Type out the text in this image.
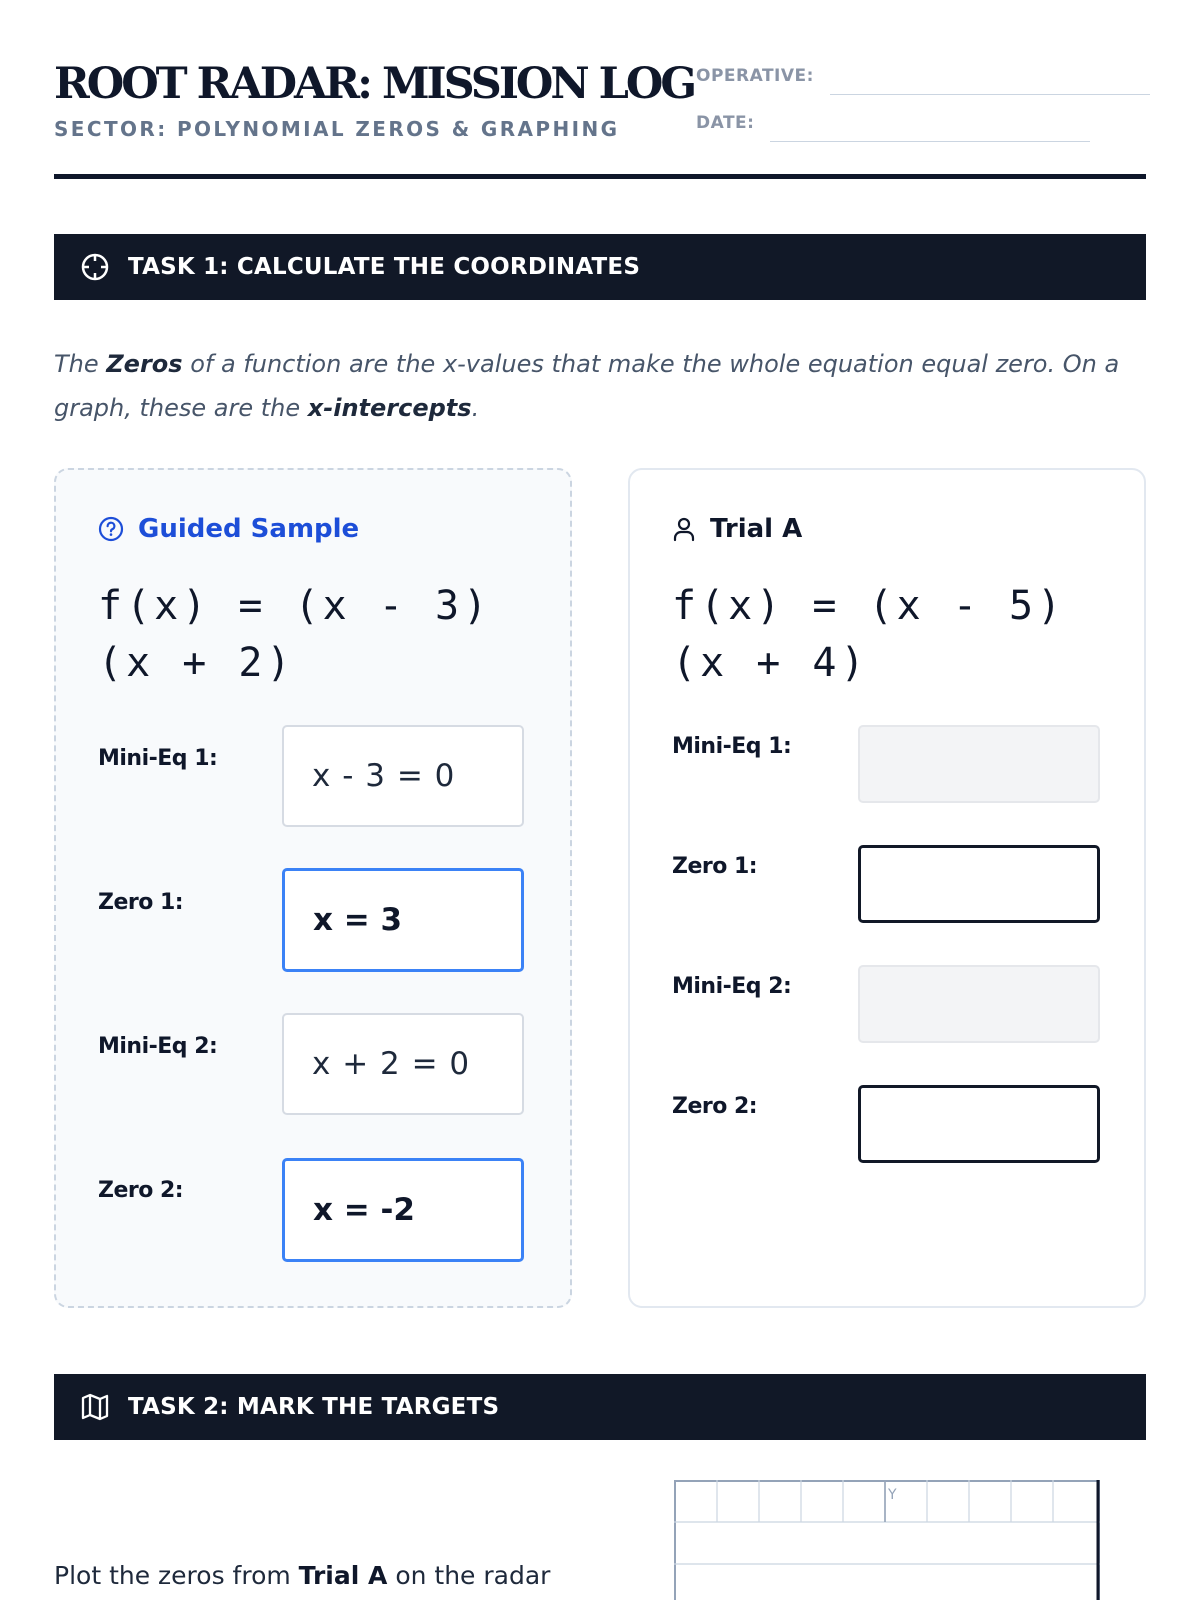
ROOT RADAR: MISSION LOG
SECTOR: POLYNOMIAL ZEROS & GRAPHING
OPERATIVE:
DATE:
TASK 1: CALCULATE THE COORDINATES
The Zeros of a function are the x-values that make the whole equation equal zero. On a graph, these are the x-intercepts.
Guided Sample
f(x) = (x - 3)(x + 2)
Mini-Eq 1:	x - 3 = 0
Zero 1:	x = 3
Mini-Eq 2:	x + 2 = 0
Zero 2:
x = -2
Trial A
f(x) = (x - 5)(x + 4)
Mini-Eq 1:
Zero 1:
Mini-Eq 2:
Zero 2:
TASK 2: MARK THE TARGETS
Plot the zeros from Trial A on the radar
Y
